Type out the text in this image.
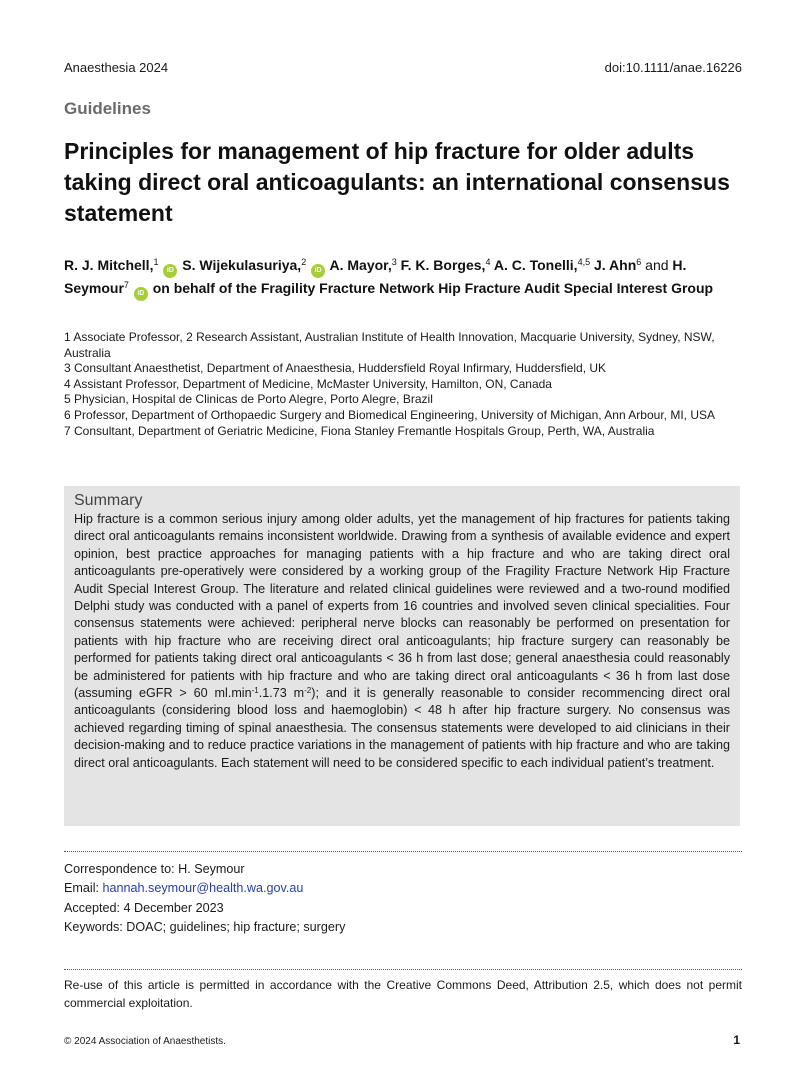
Anaesthesia 2024	doi:10.1111/anae.16226
Guidelines
Principles for management of hip fracture for older adults taking direct oral anticoagulants: an international consensus statement
R. J. Mitchell,$^1$ iD S. Wijekulasuriya,$^2$ iD A. Mayor,$^3$ F. K. Borges,$^4$ A. C. Tonelli,$^{4,5}$ J. Ahn$^6$ and H. Seymour$^7$ iD on behalf of the Fragility Fracture Network Hip Fracture Audit Special Interest Group
1 Associate Professor, 2 Research Assistant, Australian Institute of Health Innovation, Macquarie University, Sydney, NSW, Australia
3 Consultant Anaesthetist, Department of Anaesthesia, Huddersfield Royal Infirmary, Huddersfield, UK
4 Assistant Professor, Department of Medicine, McMaster University, Hamilton, ON, Canada
5 Physician, Hospital de Clinicas de Porto Alegre, Porto Alegre, Brazil
6 Professor, Department of Orthopaedic Surgery and Biomedical Engineering, University of Michigan, Ann Arbour, MI, USA
7 Consultant, Department of Geriatric Medicine, Fiona Stanley Fremantle Hospitals Group, Perth, WA, Australia
Summary

Hip fracture is a common serious injury among older adults, yet the management of hip fractures for patients taking direct oral anticoagulants remains inconsistent worldwide. Drawing from a synthesis of available evidence and expert opinion, best practice approaches for managing patients with a hip fracture and who are taking direct oral anticoagulants pre-operatively were considered by a working group of the Fragility Fracture Network Hip Fracture Audit Special Interest Group. The literature and related clinical guidelines were reviewed and a two-round modified Delphi study was conducted with a panel of experts from 16 countries and involved seven clinical specialities. Four consensus statements were achieved: peripheral nerve blocks can reasonably be performed on presentation for patients with hip fracture who are receiving direct oral anticoagulants; hip fracture surgery can reasonably be performed for patients taking direct oral anticoagulants < 36 h from last dose; general anaesthesia could reasonably be administered for patients with hip fracture and who are taking direct oral anticoagulants < 36 h from last dose (assuming eGFR > 60 $ml.\min^{-1}.1.73$ $m^{-2}$); and it is generally reasonable to consider recommencing direct oral anticoagulants (considering blood loss and haemoglobin) < 48 h after hip fracture surgery. No consensus was achieved regarding timing of spinal anaesthesia. The consensus statements were developed to aid clinicians in their decision-making and to reduce practice variations in the management of patients with hip fracture and who are taking direct oral anticoagulants. Each statement will need to be considered specific to each individual patient’s treatment.

Correspondence to: H. Seymour
Email: hannah.seymour@health.wa.gov.au
Accepted: 4 December 2023
Keywords: DOAC; guidelines; hip fracture; surgery
Re-use of this article is permitted in accordance with the Creative Commons Deed, Attribution 2.5, which does not permit commercial exploitation.
© 2024 Association of Anaesthetists.	1
